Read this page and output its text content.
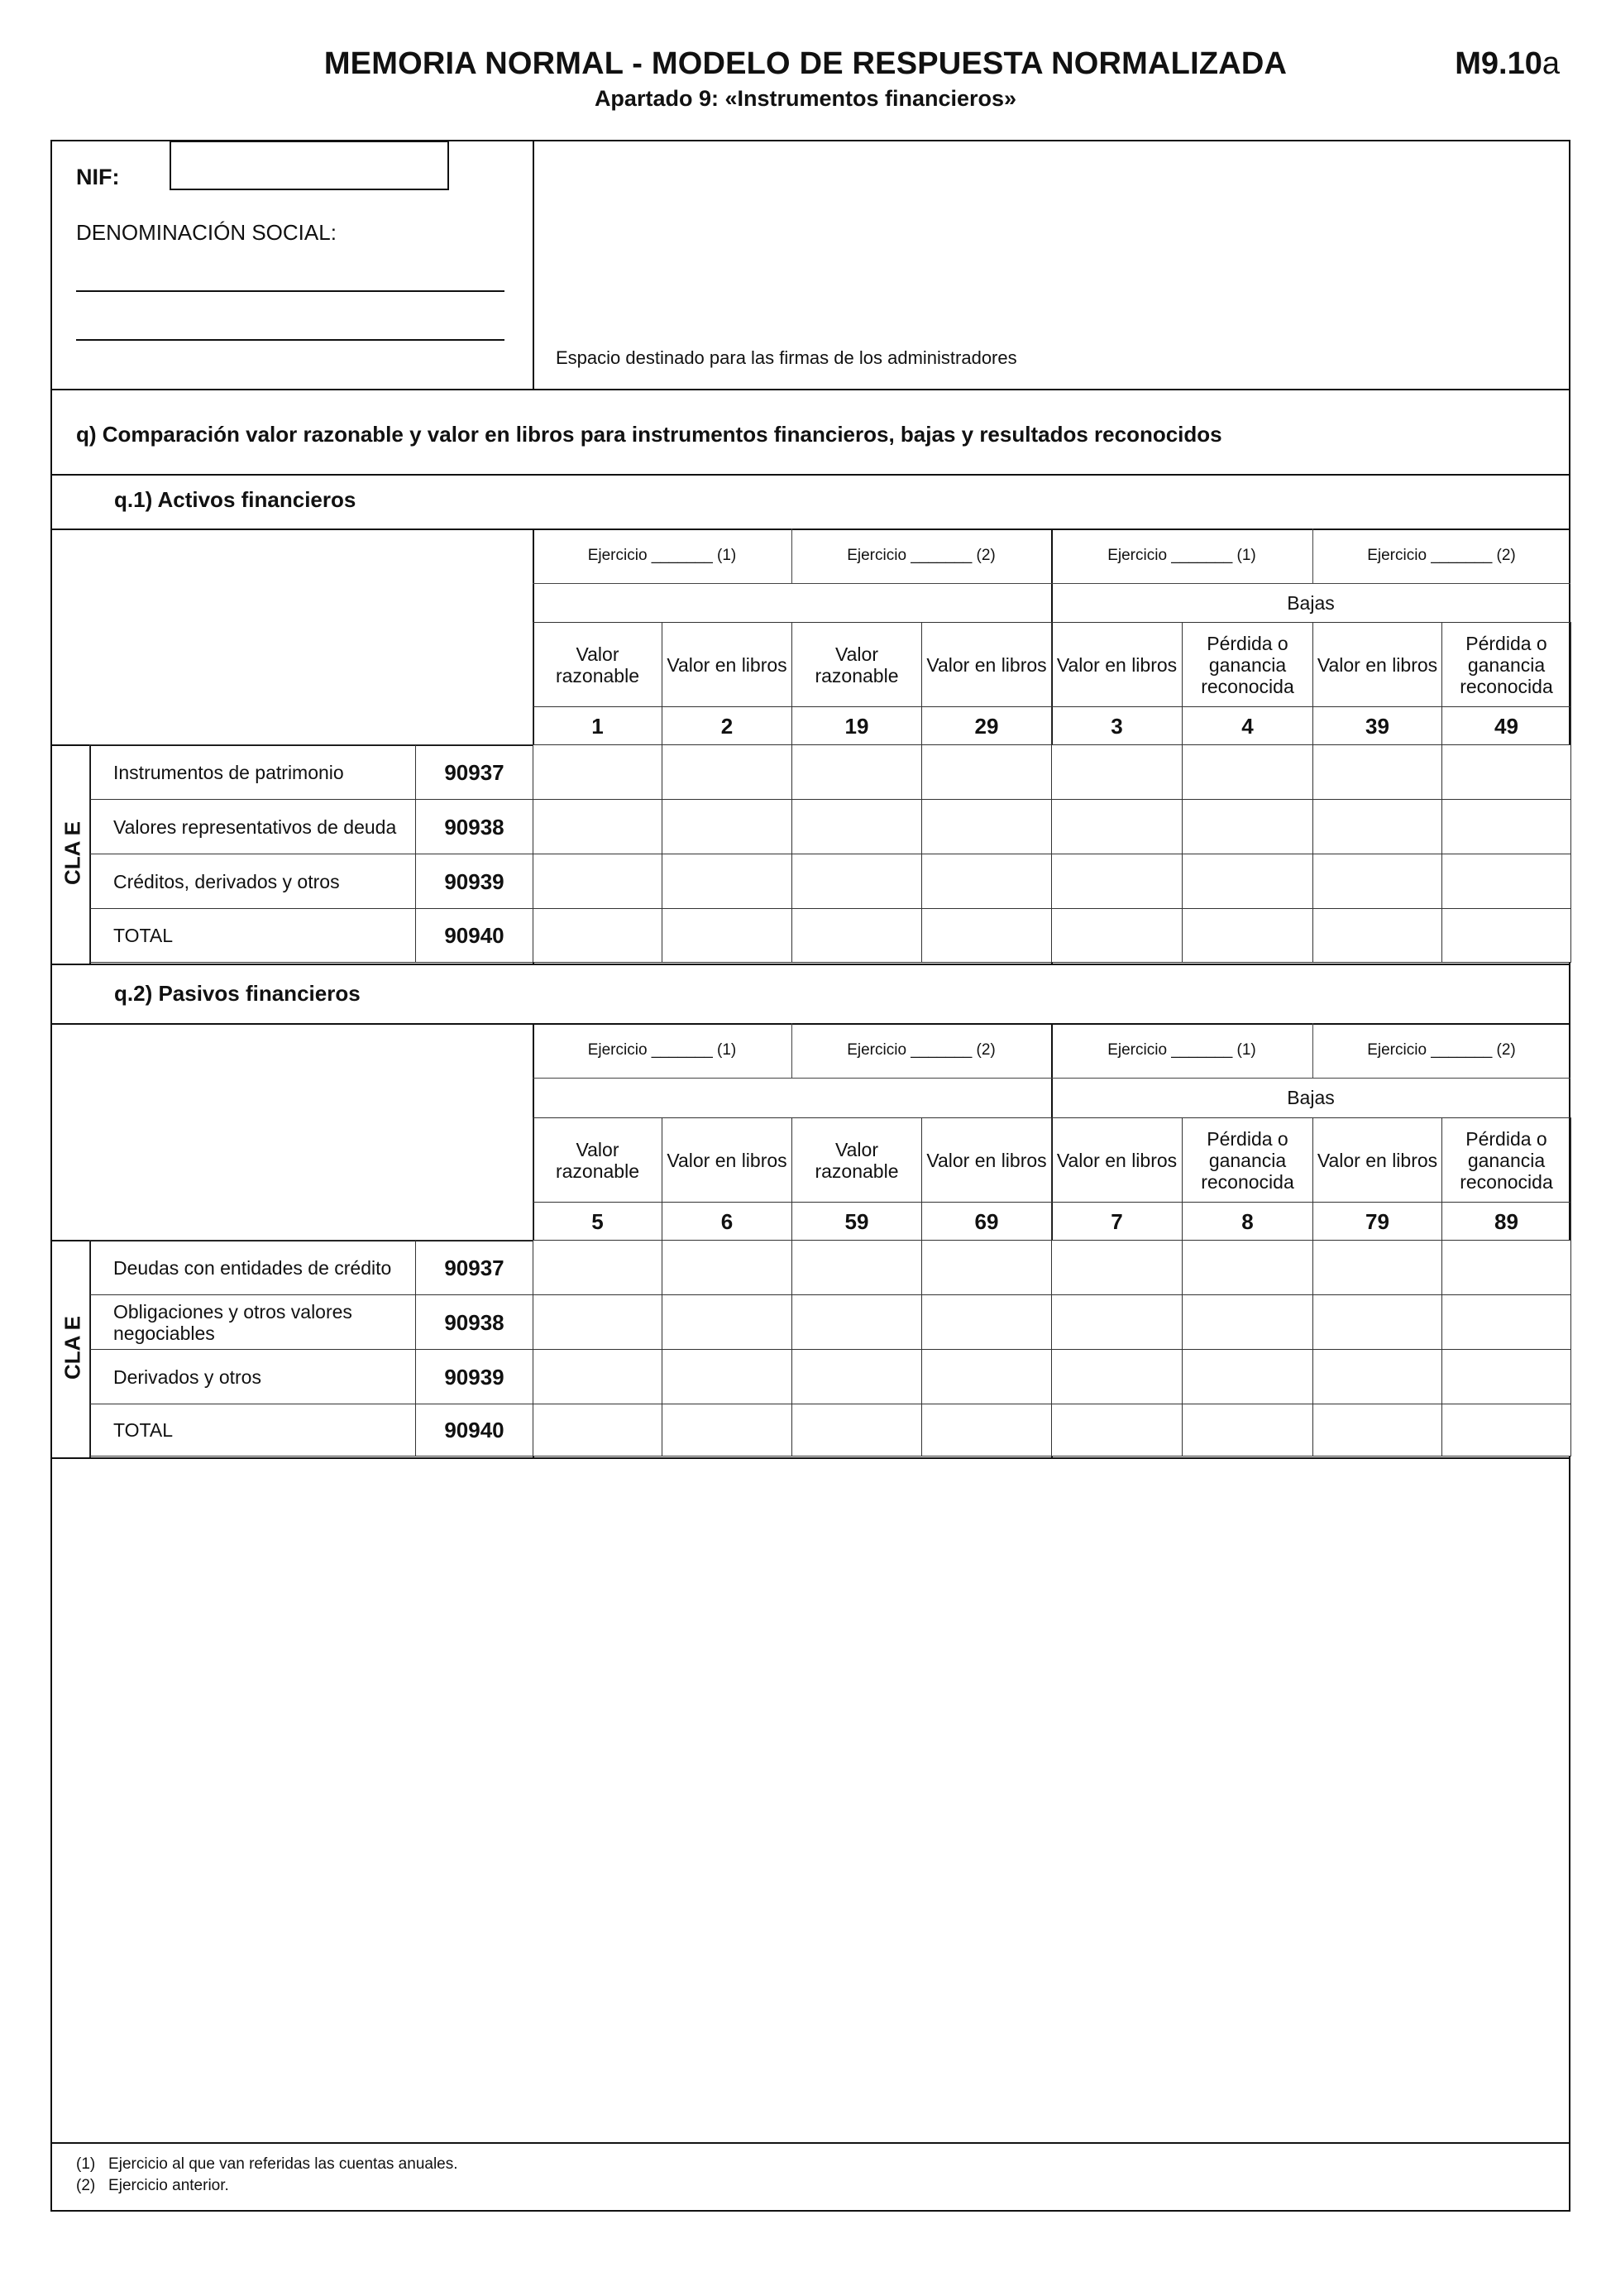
MEMORIA NORMAL - MODELO DE RESPUESTA NORMALIZADA
Apartado 9: «Instrumentos financieros»
M9.10a
NIF:
DENOMINACIÓN SOCIAL:
Espacio destinado para las firmas de los administradores
q) Comparación valor razonable y valor en libros para instrumentos financieros, bajas y resultados reconocidos
q.1) Activos financieros
Ejercicio _______ (1)	Ejercicio _______ (2)	Ejercicio _______ (1)	Ejercicio _______ (2)
Bajas
Valor razonable	Valor en libros	Valor razonable	Valor en libros	Valor en libros	Pérdida o ganancia reconocida	Valor en libros	Pérdida o ganancia reconocida
1	2	19	29	3	4	39	49
CLA E
Instrumentos de patrimonio	90937								
Valores representativos de deuda	90938								
Créditos, derivados y otros	90939								
TOTAL	90940								
q.2) Pasivos financieros
Ejercicio _______ (1)	Ejercicio _______ (2)	Ejercicio _______ (1)	Ejercicio _______ (2)
Bajas
Valor razonable	Valor en libros	Valor razonable	Valor en libros	Valor en libros	Pérdida o ganancia reconocida	Valor en libros	Pérdida o ganancia reconocida
5	6	59	69	7	8	79	89
CLA E
Deudas con entidades de crédito	90937								
Obligaciones y otros valores negociables	90938								
Derivados y otros	90939								
TOTAL	90940								
(1)   Ejercicio al que van referidas las cuentas anuales.
(2)   Ejercicio anterior.
